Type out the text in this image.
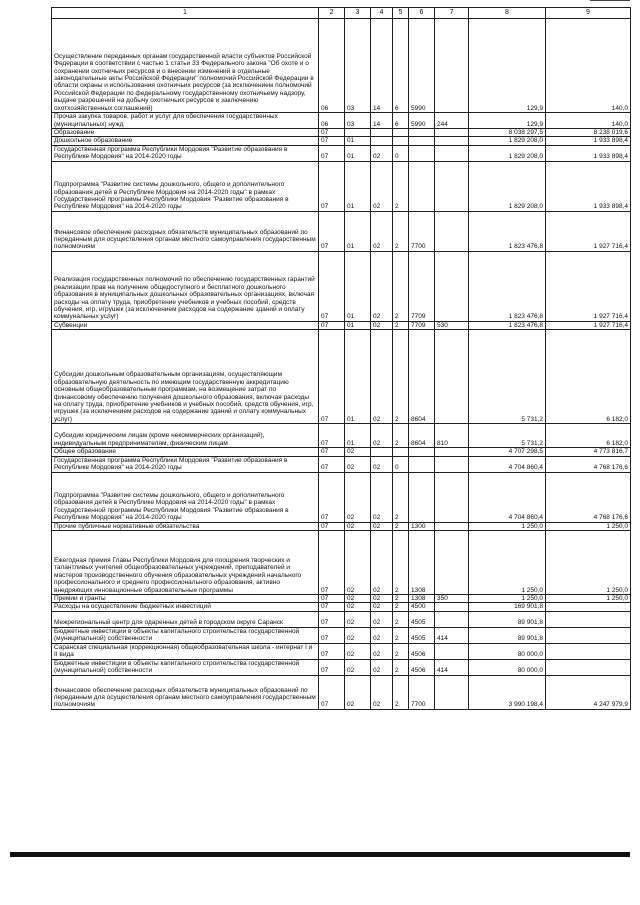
1	2	3	4	5	6	7	8	9
Осуществление переданных органам государственной власти субъектов Российской Федерации в соответствии с частью 1 статьи 33 Федерального закона "Об охоте и о сохранении охотничьих ресурсов и о внесении изменений в отдельные законодательные акты Российской Федерации" полномочий Российской Федерации в области охраны и использования охотничьих ресурсов (за исключением полномочий Российской Федерации по федеральному государственному охотничьему надзору, выдаче разрешений на добычу охотничьих ресурсов и заключению охотхозяйственных соглашений)	06	03	14	6	5990		129,9	140,0
Прочая закупка товаров, работ и услуг для обеспечения государственных (муниципальных) нужд	06	03	14	6	5990	244	129,9	140,0
Образование	07						8 038 297,5	8 238 019,6
Дошкольное образование	07	01					1 829 208,0	1 933 898,4
Государственная программа Республики Мордовия "Развитие образования в Республике Мордовия" на 2014-2020 годы	07	01	02	0			1 829 208,0	1 933 898,4
Подпрограмма "Развитие системы дошкольного, общего и дополнительного образования детей в Республике Мордовия на 2014-2020 годы" в рамках Государственной программы Республики Мордовия "Развитие образования в Республике Мордовия" на 2014-2020 годы	07	01	02	2			1 829 208,0	1 933 898,4
Финансовое обеспечение расходных обязательств муниципальных образований по переданным для осуществления органам местного самоуправления государственным полномочиям	07	01	02	2	7700		1 823 476,8	1 927 716,4
Реализация государственных полномочий по обеспечению государственных гарантий реализации прав на получение общедоступного и бесплатного дошкольного образования в муниципальных дошкольных образовательных организациях, включая расходы на оплату труда, приобретение учебников и учебных пособий, средств обучения, игр, игрушек (за исключением расходов на содержание зданий и оплату коммунальных услуг)	07	01	02	2	7709		1 823 476,8	1 927 716,4
Субвенции	07	01	02	2	7709	530	1 823 476,8	1 927 716,4
Субсидии дошкольным образовательным организациям, осуществляющим образовательную деятельность по имеющим государственную аккредитацию основным общеобразовательным программам, на возмещение затрат по финансовому обеспечению получения дошкольного образования, включая расходы на оплату труда, приобретение учебников и учебных пособий, средств обучения, игр, игрушек (за исключением расходов на содержание зданий и оплату коммунальных услуг)	07	01	02	2	8604		5 731,2	6 182,0
Субсидии юридическим лицам (кроме некоммерческих организаций), индивидуальным предпринимателям, физическим лицам	07	01	02	2	8604	810	5 731,2	6 182,0
Общее образование	07	02					4 707 298,5	4 773 816,7
Государственная программа Республики Мордовия "Развитие образования в Республике Мордовия" на 2014-2020 годы	07	02	02	0			4 704 860,4	4 768 176,6
Подпрограмма "Развитие системы дошкольного, общего и дополнительного образования детей в Республике Мордовия на 2014-2020 годы" в рамках Государственной программы Республики Мордовия "Развитие образования в Республике Мордовия" на 2014-2020 годы	07	02	02	2			4 704 860,4	4 768 176,6
Прочие публичные нормативные обязательства	07	02	02	2	1300		1 250,0	1 250,0
Ежегодная премия Главы Республики Мордовия для поощрения творческих и талантливых учителей общеобразовательных учреждений, преподавателей и мастеров производственного обучения образовательных учреждений начального профессионального и среднего профессионального образования, активно внедряющих инновационные образовательные программы	07	02	02	2	1308		1 250,0	1 250,0
Премии и гранты	07	02	02	2	1308	350	1 250,0	1 250,0
Расходы на осуществление бюджетных инвестиций	07	02	02	2	4500		169 901,8	
Межрегиональный центр для одаренных детей в городском округе Саранск	07	02	02	2	4505		89 901,8	
Бюджетные инвестиции в объекты капитального строительства государственной (муниципальной) собственности	07	02	02	2	4505	414	89 901,8	
Саранская специальная (коррекционная) общеобразовательная школа - интернат I и II вида	07	02	02	2	4506		80 000,0	
Бюджетные инвестиции в объекты капитального строительства государственной (муниципальной) собственности	07	02	02	2	4506	414	80 000,0	
Финансовое обеспечение расходных обязательств муниципальных образований по переданным для осуществления органам местного самоуправления государственным полномочиям	07	02	02	2	7700		3 990 198,4	4 247 979,9
